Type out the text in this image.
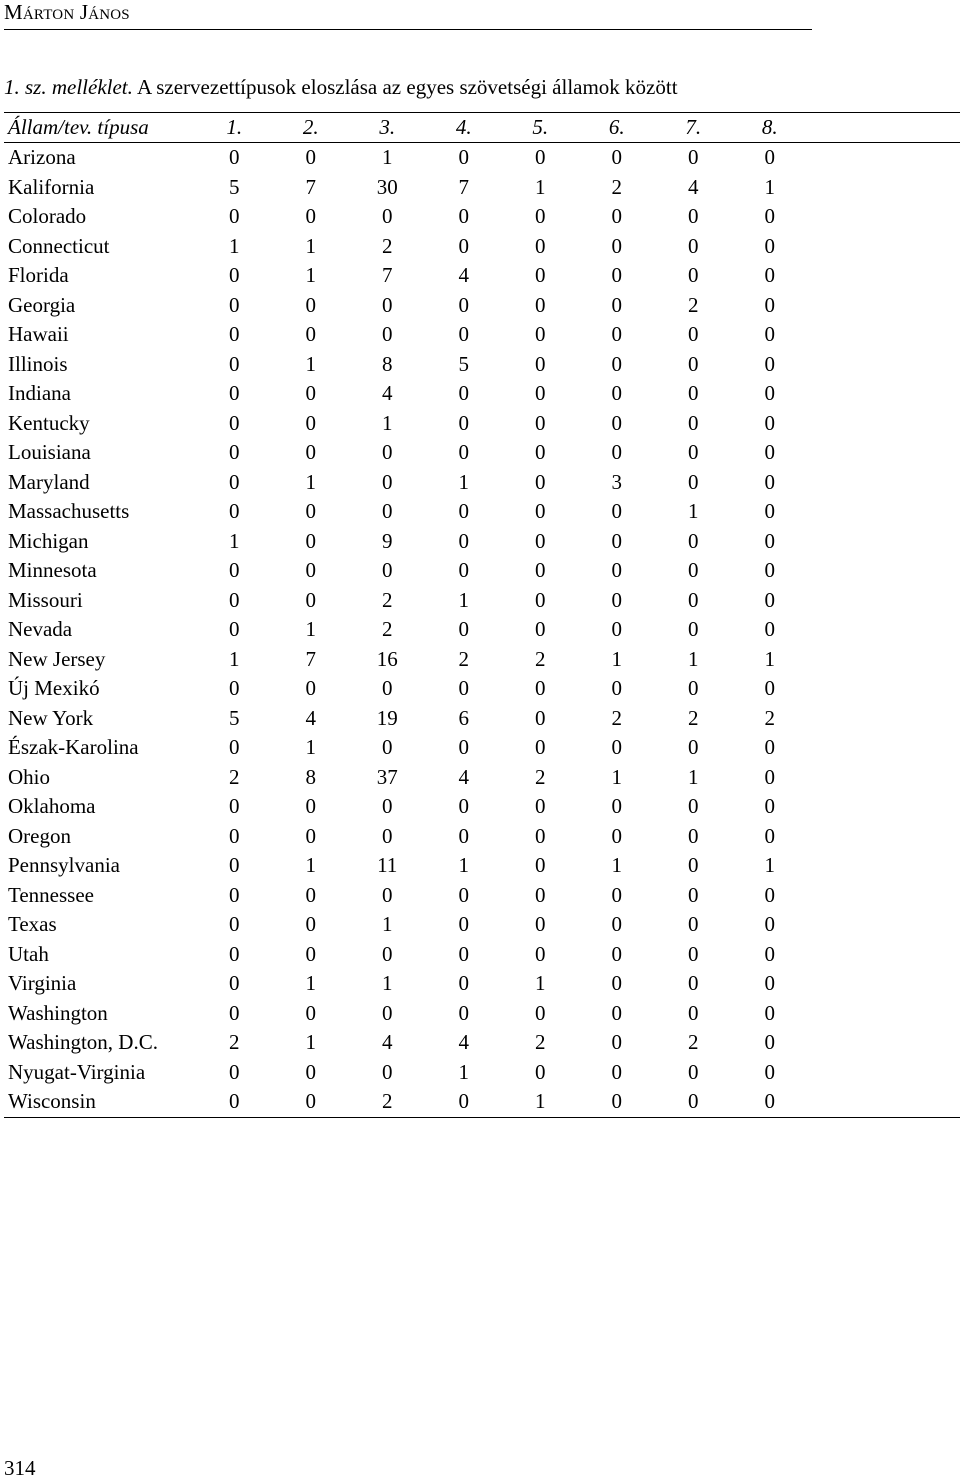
Márton János
1. sz. melléklet. A szervezettípusok eloszlása az egyes szövetségi államok között
Állam/tev. típusa	1.	2.	3.	4.	5.	6.	7.	8.	
Arizona	0	0	1	0	0	0	0	0	
Kalifornia	5	7	30	7	1	2	4	1	
Colorado	0	0	0	0	0	0	0	0	
Connecticut	1	1	2	0	0	0	0	0	
Florida	0	1	7	4	0	0	0	0	
Georgia	0	0	0	0	0	0	2	0	
Hawaii	0	0	0	0	0	0	0	0	
Illinois	0	1	8	5	0	0	0	0	
Indiana	0	0	4	0	0	0	0	0	
Kentucky	0	0	1	0	0	0	0	0	
Louisiana	0	0	0	0	0	0	0	0	
Maryland	0	1	0	1	0	3	0	0	
Massachusetts	0	0	0	0	0	0	1	0	
Michigan	1	0	9	0	0	0	0	0	
Minnesota	0	0	0	0	0	0	0	0	
Missouri	0	0	2	1	0	0	0	0	
Nevada	0	1	2	0	0	0	0	0	
New Jersey	1	7	16	2	2	1	1	1	
Új Mexikó	0	0	0	0	0	0	0	0	
New York	5	4	19	6	0	2	2	2	
Észak-Karolina	0	1	0	0	0	0	0	0	
Ohio	2	8	37	4	2	1	1	0	
Oklahoma	0	0	0	0	0	0	0	0	
Oregon	0	0	0	0	0	0	0	0	
Pennsylvania	0	1	11	1	0	1	0	1	
Tennessee	0	0	0	0	0	0	0	0	
Texas	0	0	1	0	0	0	0	0	
Utah	0	0	0	0	0	0	0	0	
Virginia	0	1	1	0	1	0	0	0	
Washington	0	0	0	0	0	0	0	0	
Washington, D.C.	2	1	4	4	2	0	2	0	
Nyugat-Virginia	0	0	0	1	0	0	0	0	
Wisconsin	0	0	2	0	1	0	0	0	
314
